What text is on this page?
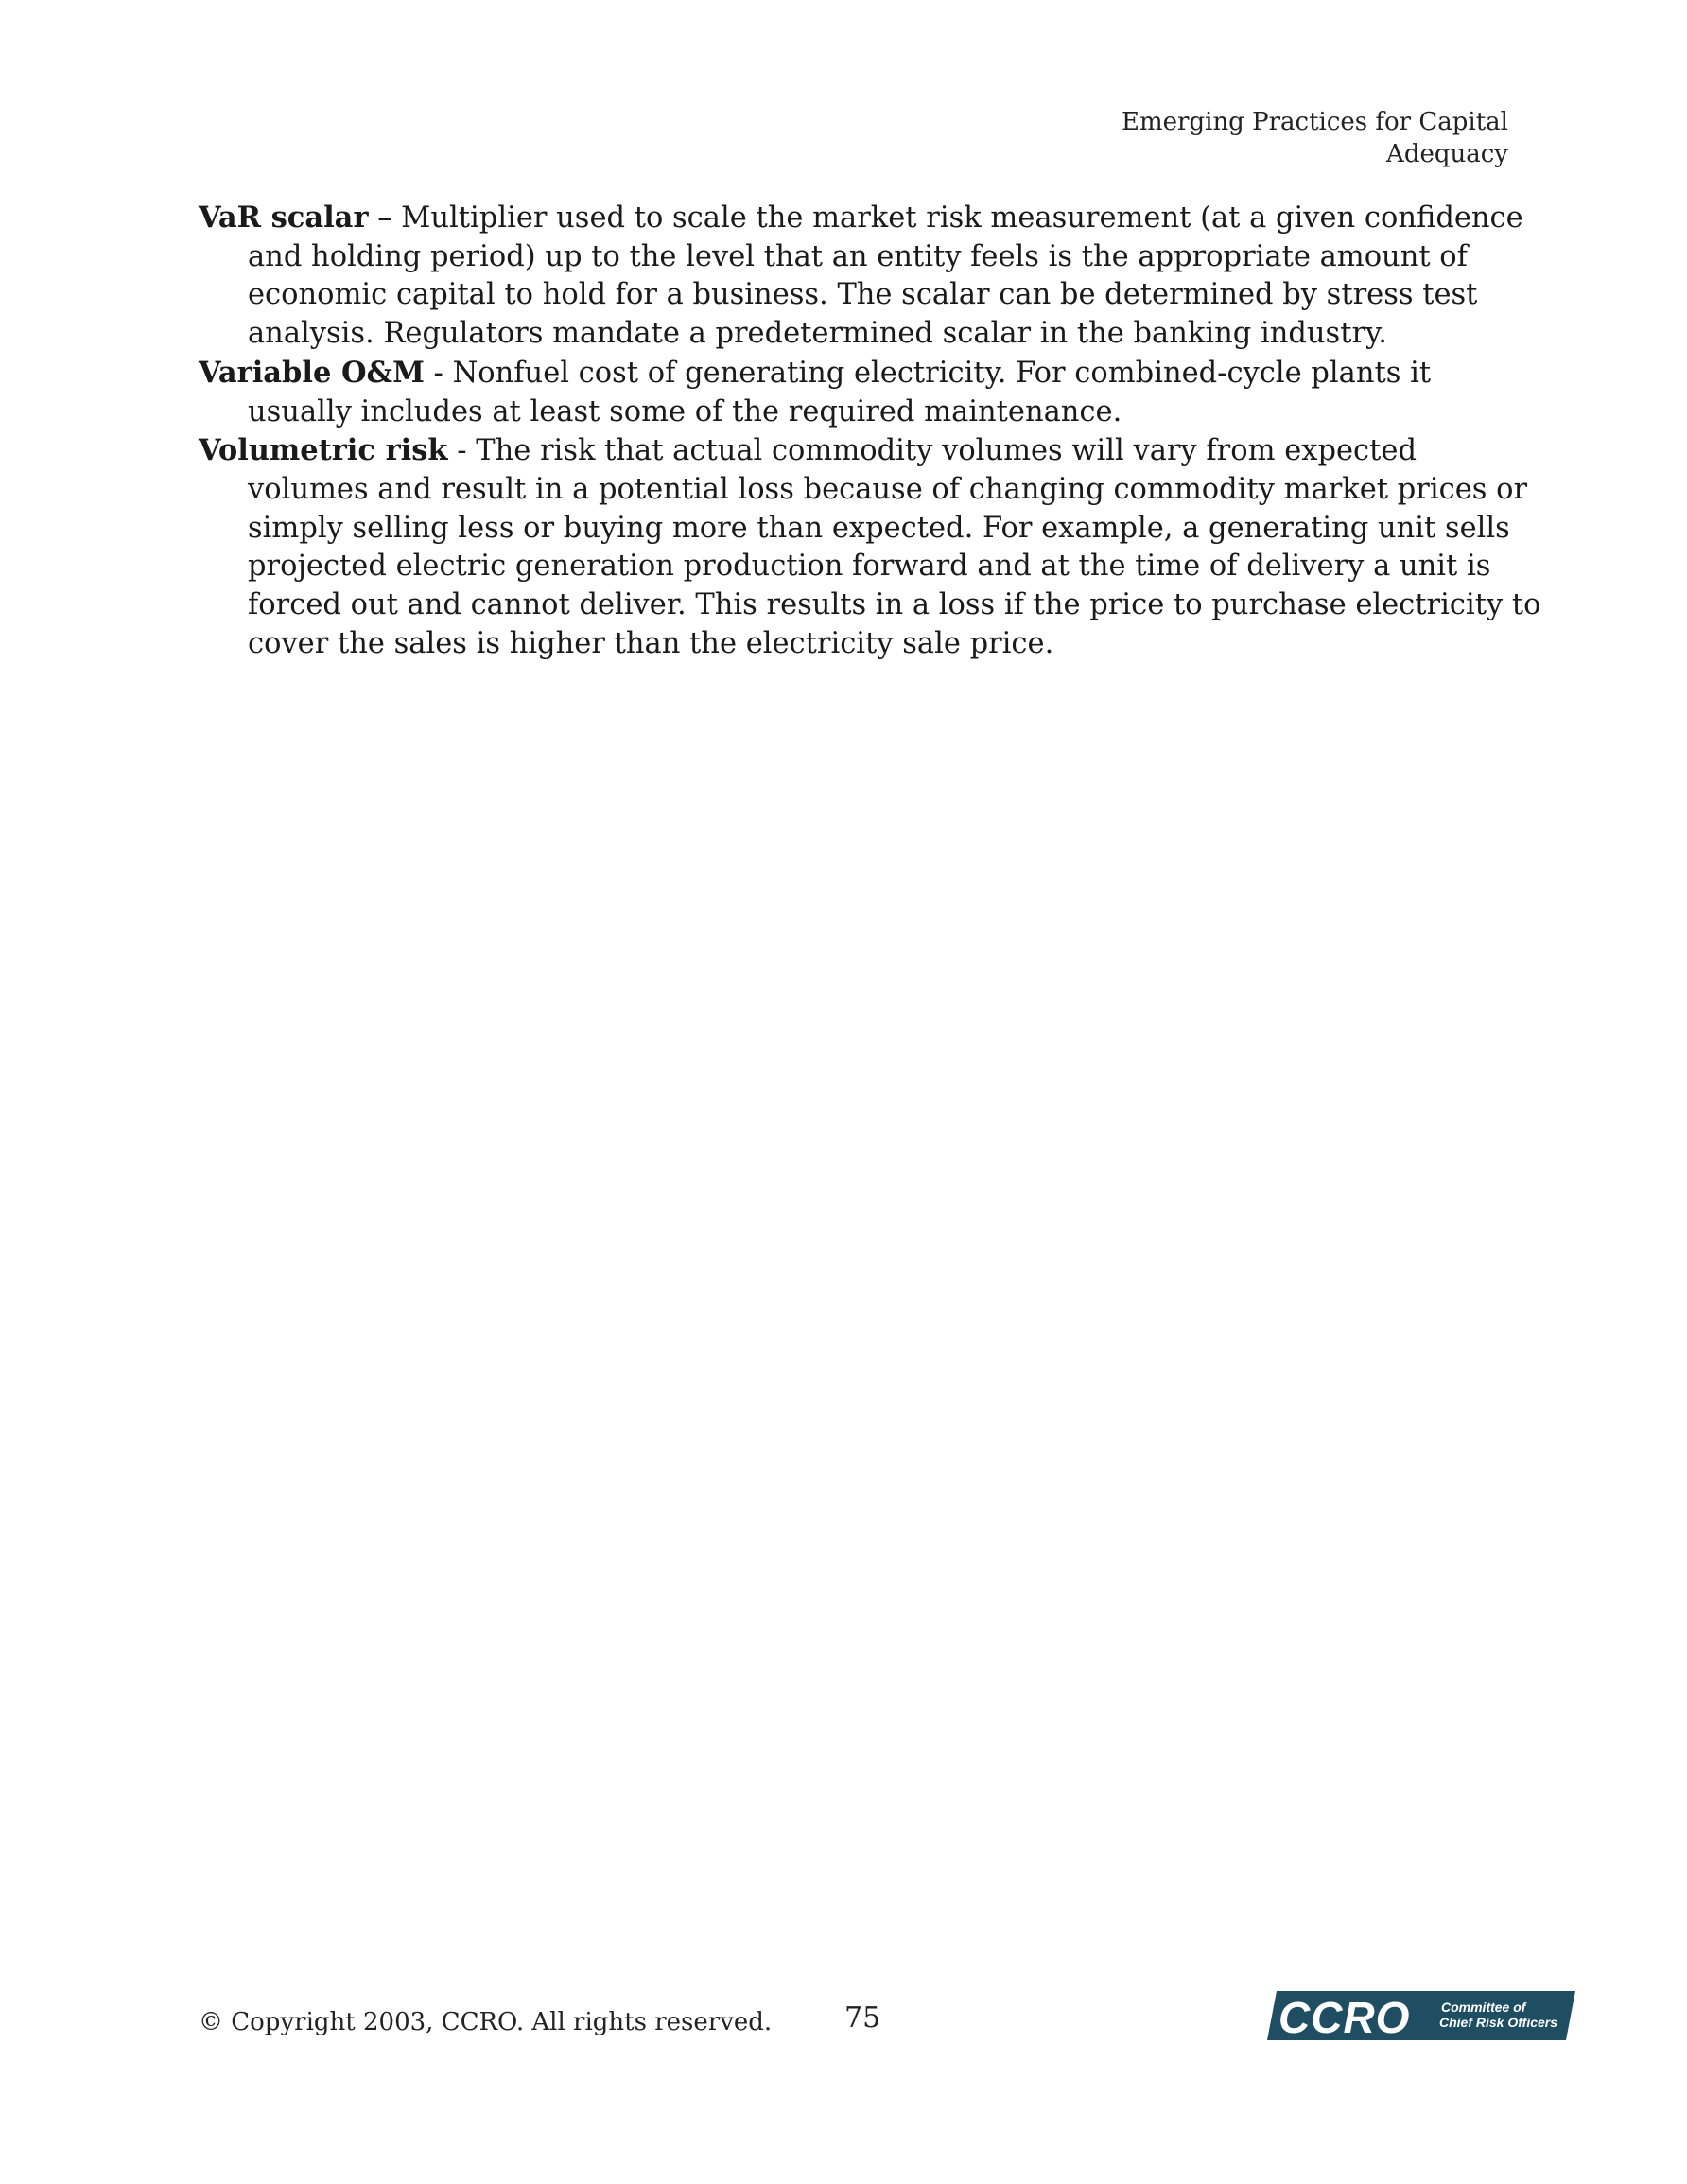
Emerging Practices for Capital Adequacy

VaR scalar – Multiplier used to scale the market risk measurement (at a given confidence and holding period) up to the level that an entity feels is the appropriate amount of economic capital to hold for a business. The scalar can be determined by stress test analysis. Regulators mandate a predetermined scalar in the banking industry.

Variable O&M - Nonfuel cost of generating electricity. For combined-cycle plants it usually includes at least some of the required maintenance.

Volumetric risk - The risk that actual commodity volumes will vary from expected volumes and result in a potential loss because of changing commodity market prices or simply selling less or buying more than expected. For example, a generating unit sells projected electric generation production forward and at the time of delivery a unit is forced out and cannot deliver. This results in a loss if the price to purchase electricity to cover the sales is higher than the electricity sale price.

© Copyright 2003, CCRO. All rights reserved.	75	CCRO Committee of
Chief Risk Officers
